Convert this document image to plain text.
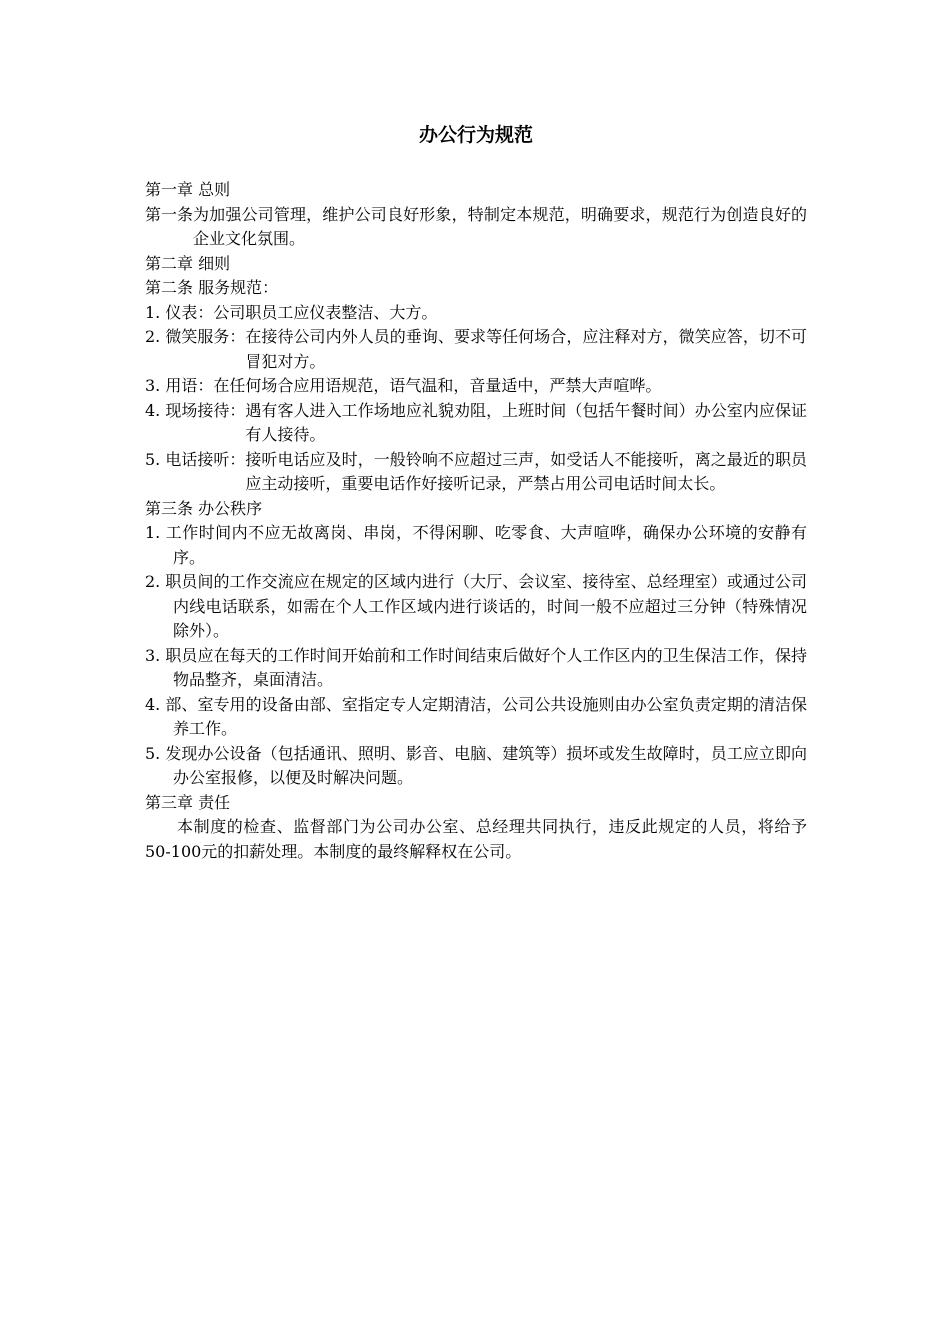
办公行为规范

第一章 总则

第一条 为加强公司管理，维护公司良好形象，特制定本规范，明确要求，规范行为创造良好的企业文化氛围。

第二章 细则

第二条 服务规范：

1. 仪表： 公司职员工应仪表整洁、大方。
2. 微笑服务： 在接待公司内外人员的垂询、要求等任何场合，应注释对方，微笑应答，切不可冒犯对方。
3. 用语： 在任何场合应用语规范，语气温和，音量适中，严禁大声喧哗。
4. 现场接待： 遇有客人进入工作场地应礼貌劝阻，上班时间（包括午餐时间）办公室内应保证有人接待。
5. 电话接听： 接听电话应及时，一般铃响不应超过三声，如受话人不能接听，离之最近的职员应主动接听，重要电话作好接听记录，严禁占用公司电话时间太长。

第三条 办公秩序

1. 工作时间内不应无故离岗、串岗，不得闲聊、吃零食、大声喧哗，确保办公环境的安静有序。

2. 职员间的工作交流应在规定的区域内进行（大厅、会议室、接待室、总经理室）或通过公司内线电话联系，如需在个人工作区域内进行谈话的，时间一般不应超过三分钟（特殊情况除外）。

3. 职员应在每天的工作时间开始前和工作时间结束后做好个人工作区内的卫生保洁工作，保持物品整齐，桌面清洁。

4. 部、室专用的设备由部、室指定专人定期清洁，公司公共设施则由办公室负责定期的清洁保养工作。

5. 发现办公设备（包括通讯、照明、影音、电脑、建筑等）损坏或发生故障时，员工应立即向办公室报修，以便及时解决问题。

第三章 责任

本制度的检查、监督部门为公司办公室、总经理共同执行，违反此规定的人员，将给予50-100元的扣薪处理。本制度的最终解释权在公司。
